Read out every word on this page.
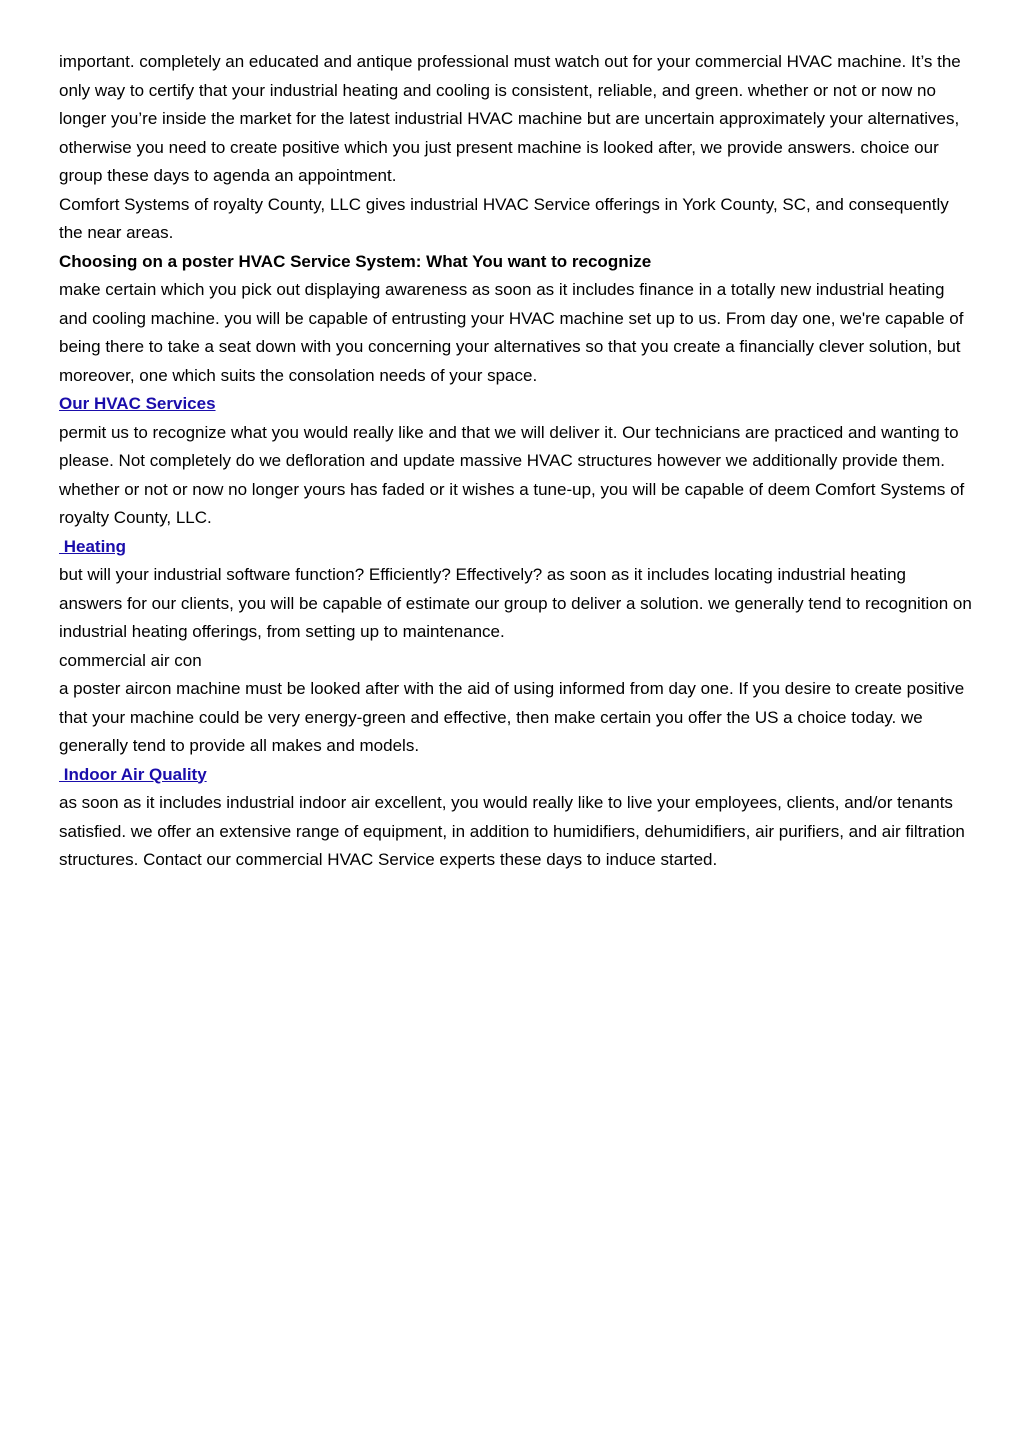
important. completely an educated and antique professional must watch out for your commercial HVAC machine. It’s the only way to certify that your industrial heating and cooling is consistent, reliable, and green. whether or not or now no longer you’re inside the market for the latest industrial HVAC machine but are uncertain approximately your alternatives, otherwise you need to create positive which you just present machine is looked after, we provide answers. choice our group these days to agenda an appointment.

Comfort Systems of royalty County, LLC gives industrial HVAC Service offerings in York County, SC, and consequently the near areas.

Choosing on a poster HVAC Service System: What You want to recognize

make certain which you pick out displaying awareness as soon as it includes finance in a totally new industrial heating and cooling machine. you will be capable of entrusting your HVAC machine set up to us. From day one, we're capable of being there to take a seat down with you concerning your alternatives so that you create a financially clever solution, but moreover, one which suits the consolation needs of your space.

Our HVAC Services

permit us to recognize what you would really like and that we will deliver it. Our technicians are practiced and wanting to please. Not completely do we defloration and update massive HVAC structures however we additionally provide them. whether or not or now no longer yours has faded or it wishes a tune-up, you will be capable of deem Comfort Systems of royalty County, LLC.

Heating

but will your industrial software function? Efficiently? Effectively? as soon as it includes locating industrial heating answers for our clients, you will be capable of estimate our group to deliver a solution. we generally tend to recognition on industrial heating offerings, from setting up to maintenance.

commercial air con

a poster aircon machine must be looked after with the aid of using informed from day one. If you desire to create positive that your machine could be very energy-green and effective, then make certain you offer the US a choice today. we generally tend to provide all makes and models.

Indoor Air Quality

as soon as it includes industrial indoor air excellent, you would really like to live your employees, clients, and/or tenants satisfied. we offer an extensive range of equipment, in addition to humidifiers, dehumidifiers, air purifiers, and air filtration structures. Contact our commercial HVAC Service experts these days to induce started.
